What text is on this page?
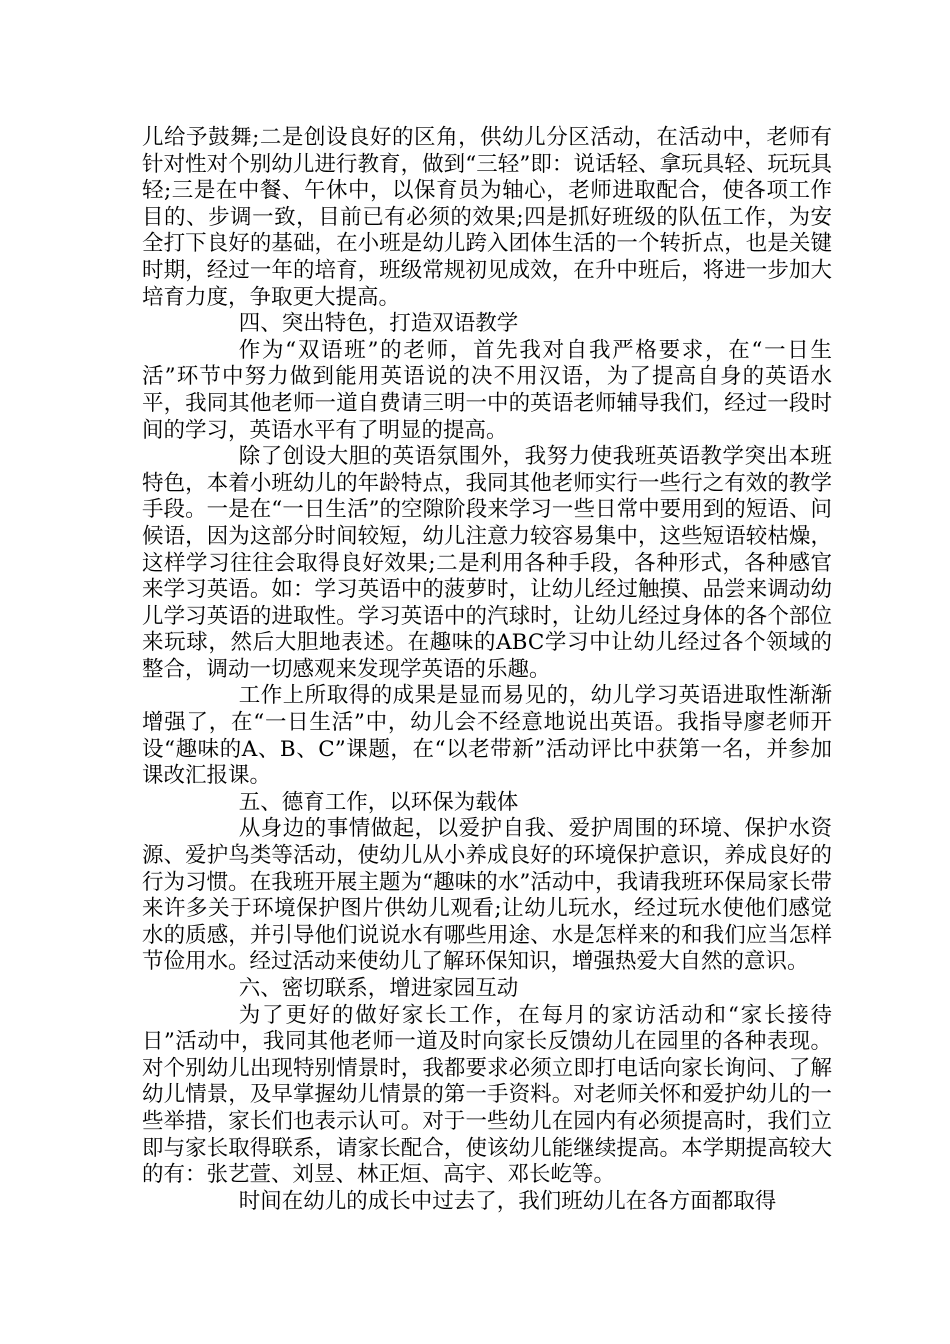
儿给予鼓舞;二是创设良好的区角，供幼儿分区活动，在活动中，老师有针对性对个别幼儿进行教育，做到“三轻”即：说话轻、拿玩具轻、玩玩具轻;三是在中餐、午休中，以保育员为轴心，老师进取配合，使各项工作目的、步调一致，目前已有必须的效果;四是抓好班级的队伍工作，为安全打下良好的基础，在小班是幼儿跨入团体生活的一个转折点，也是关键时期，经过一年的培育，班级常规初见成效，在升中班后，将进一步加大培育力度，争取更大提高。

四、突出特色，打造双语教学

作为“双语班”的老师，首先我对自我严格要求，在“一日生活”环节中努力做到能用英语说的决不用汉语，为了提高自身的英语水平，我同其他老师一道自费请三明一中的英语老师辅导我们，经过一段时间的学习，英语水平有了明显的提高。

除了创设大胆的英语氛围外，我努力使我班英语教学突出本班特色，本着小班幼儿的年龄特点，我同其他老师实行一些行之有效的教学手段。一是在“一日生活”的空隙阶段来学习一些日常中要用到的短语、问候语，因为这部分时间较短，幼儿注意力较容易集中，这些短语较枯燥，这样学习往往会取得良好效果;二是利用各种手段，各种形式，各种感官来学习英语。如：学习英语中的菠萝时，让幼儿经过触摸、品尝来调动幼儿学习英语的进取性。学习英语中的汽球时，让幼儿经过身体的各个部位来玩球，然后大胆地表述。在趣味的ABC学习中让幼儿经过各个领域的整合，调动一切感观来发现学英语的乐趣。

工作上所取得的成果是显而易见的，幼儿学习英语进取性渐渐增强了，在“一日生活”中，幼儿会不经意地说出英语。我指导廖老师开设“趣味的A、B、C”课题，在“以老带新”活动评比中获第一名，并参加课改汇报课。

五、德育工作，以环保为载体

从身边的事情做起，以爱护自我、爱护周围的环境、保护水资源、爱护鸟类等活动，使幼儿从小养成良好的环境保护意识，养成良好的行为习惯。在我班开展主题为“趣味的水”活动中，我请我班环保局家长带来许多关于环境保护图片供幼儿观看;让幼儿玩水，经过玩水使他们感觉水的质感，并引导他们说说水有哪些用途、水是怎样来的和我们应当怎样节俭用水。经过活动来使幼儿了解环保知识，增强热爱大自然的意识。

六、密切联系，增进家园互动

为了更好的做好家长工作，在每月的家访活动和“家长接待日”活动中，我同其他老师一道及时向家长反馈幼儿在园里的各种表现。对个别幼儿出现特别情景时，我都要求必须立即打电话向家长询问、了解幼儿情景，及早掌握幼儿情景的第一手资料。对老师关怀和爱护幼儿的一些举措，家长们也表示认可。对于一些幼儿在园内有必须提高时，我们立即与家长取得联系，请家长配合，使该幼儿能继续提高。本学期提高较大的有：张艺萱、刘昱、林正烜、高宇、邓长屹等。

时间在幼儿的成长中过去了，我们班幼儿在各方面都取得
